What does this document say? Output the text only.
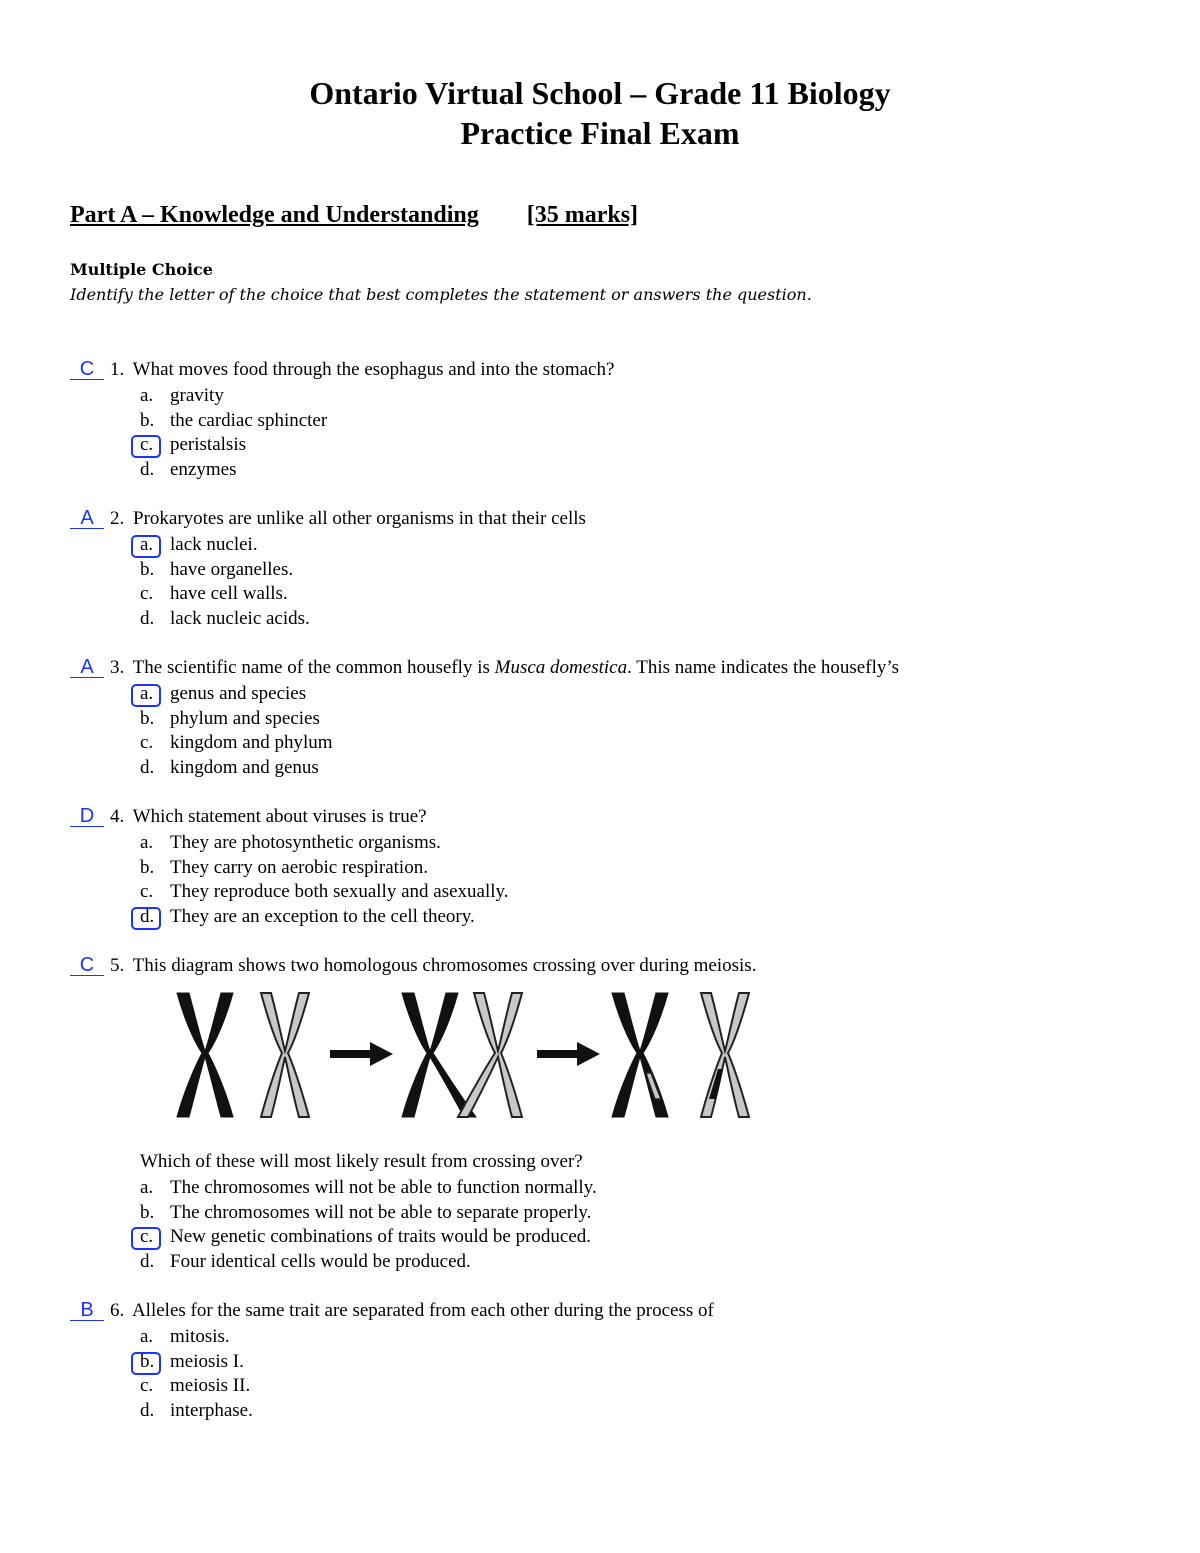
Ontario Virtual School – Grade 11 Biology
Practice Final Exam
Part A – Knowledge and Understanding [35 marks]
Multiple Choice
Identify the letter of the choice that best completes the statement or answers the question.
C 1. What moves food through the esophagus and into the stomach?
a. gravity
b. the cardiac sphincter
c. peristalsis
d. enzymes
A 2. Prokaryotes are unlike all other organisms in that their cells
a. lack nuclei.
b. have organelles.
c. have cell walls.
d. lack nucleic acids.
A 3. The scientific name of the common housefly is Musca domestica. This name indicates the housefly’s
a. genus and species
b. phylum and species
c. kingdom and phylum
d. kingdom and genus
D 4. Which statement about viruses is true?
a. They are photosynthetic organisms.
b. They carry on aerobic respiration.
c. They reproduce both sexually and asexually.
d. They are an exception to the cell theory.
C 5. This diagram shows two homologous chromosomes crossing over during meiosis.
Which of these will most likely result from crossing over?
a. The chromosomes will not be able to function normally.
b. The chromosomes will not be able to separate properly.
c. New genetic combinations of traits would be produced.
d. Four identical cells would be produced.
B 6. Alleles for the same trait are separated from each other during the process of
a. mitosis.
b. meiosis I.
c. meiosis II.
d. interphase.
